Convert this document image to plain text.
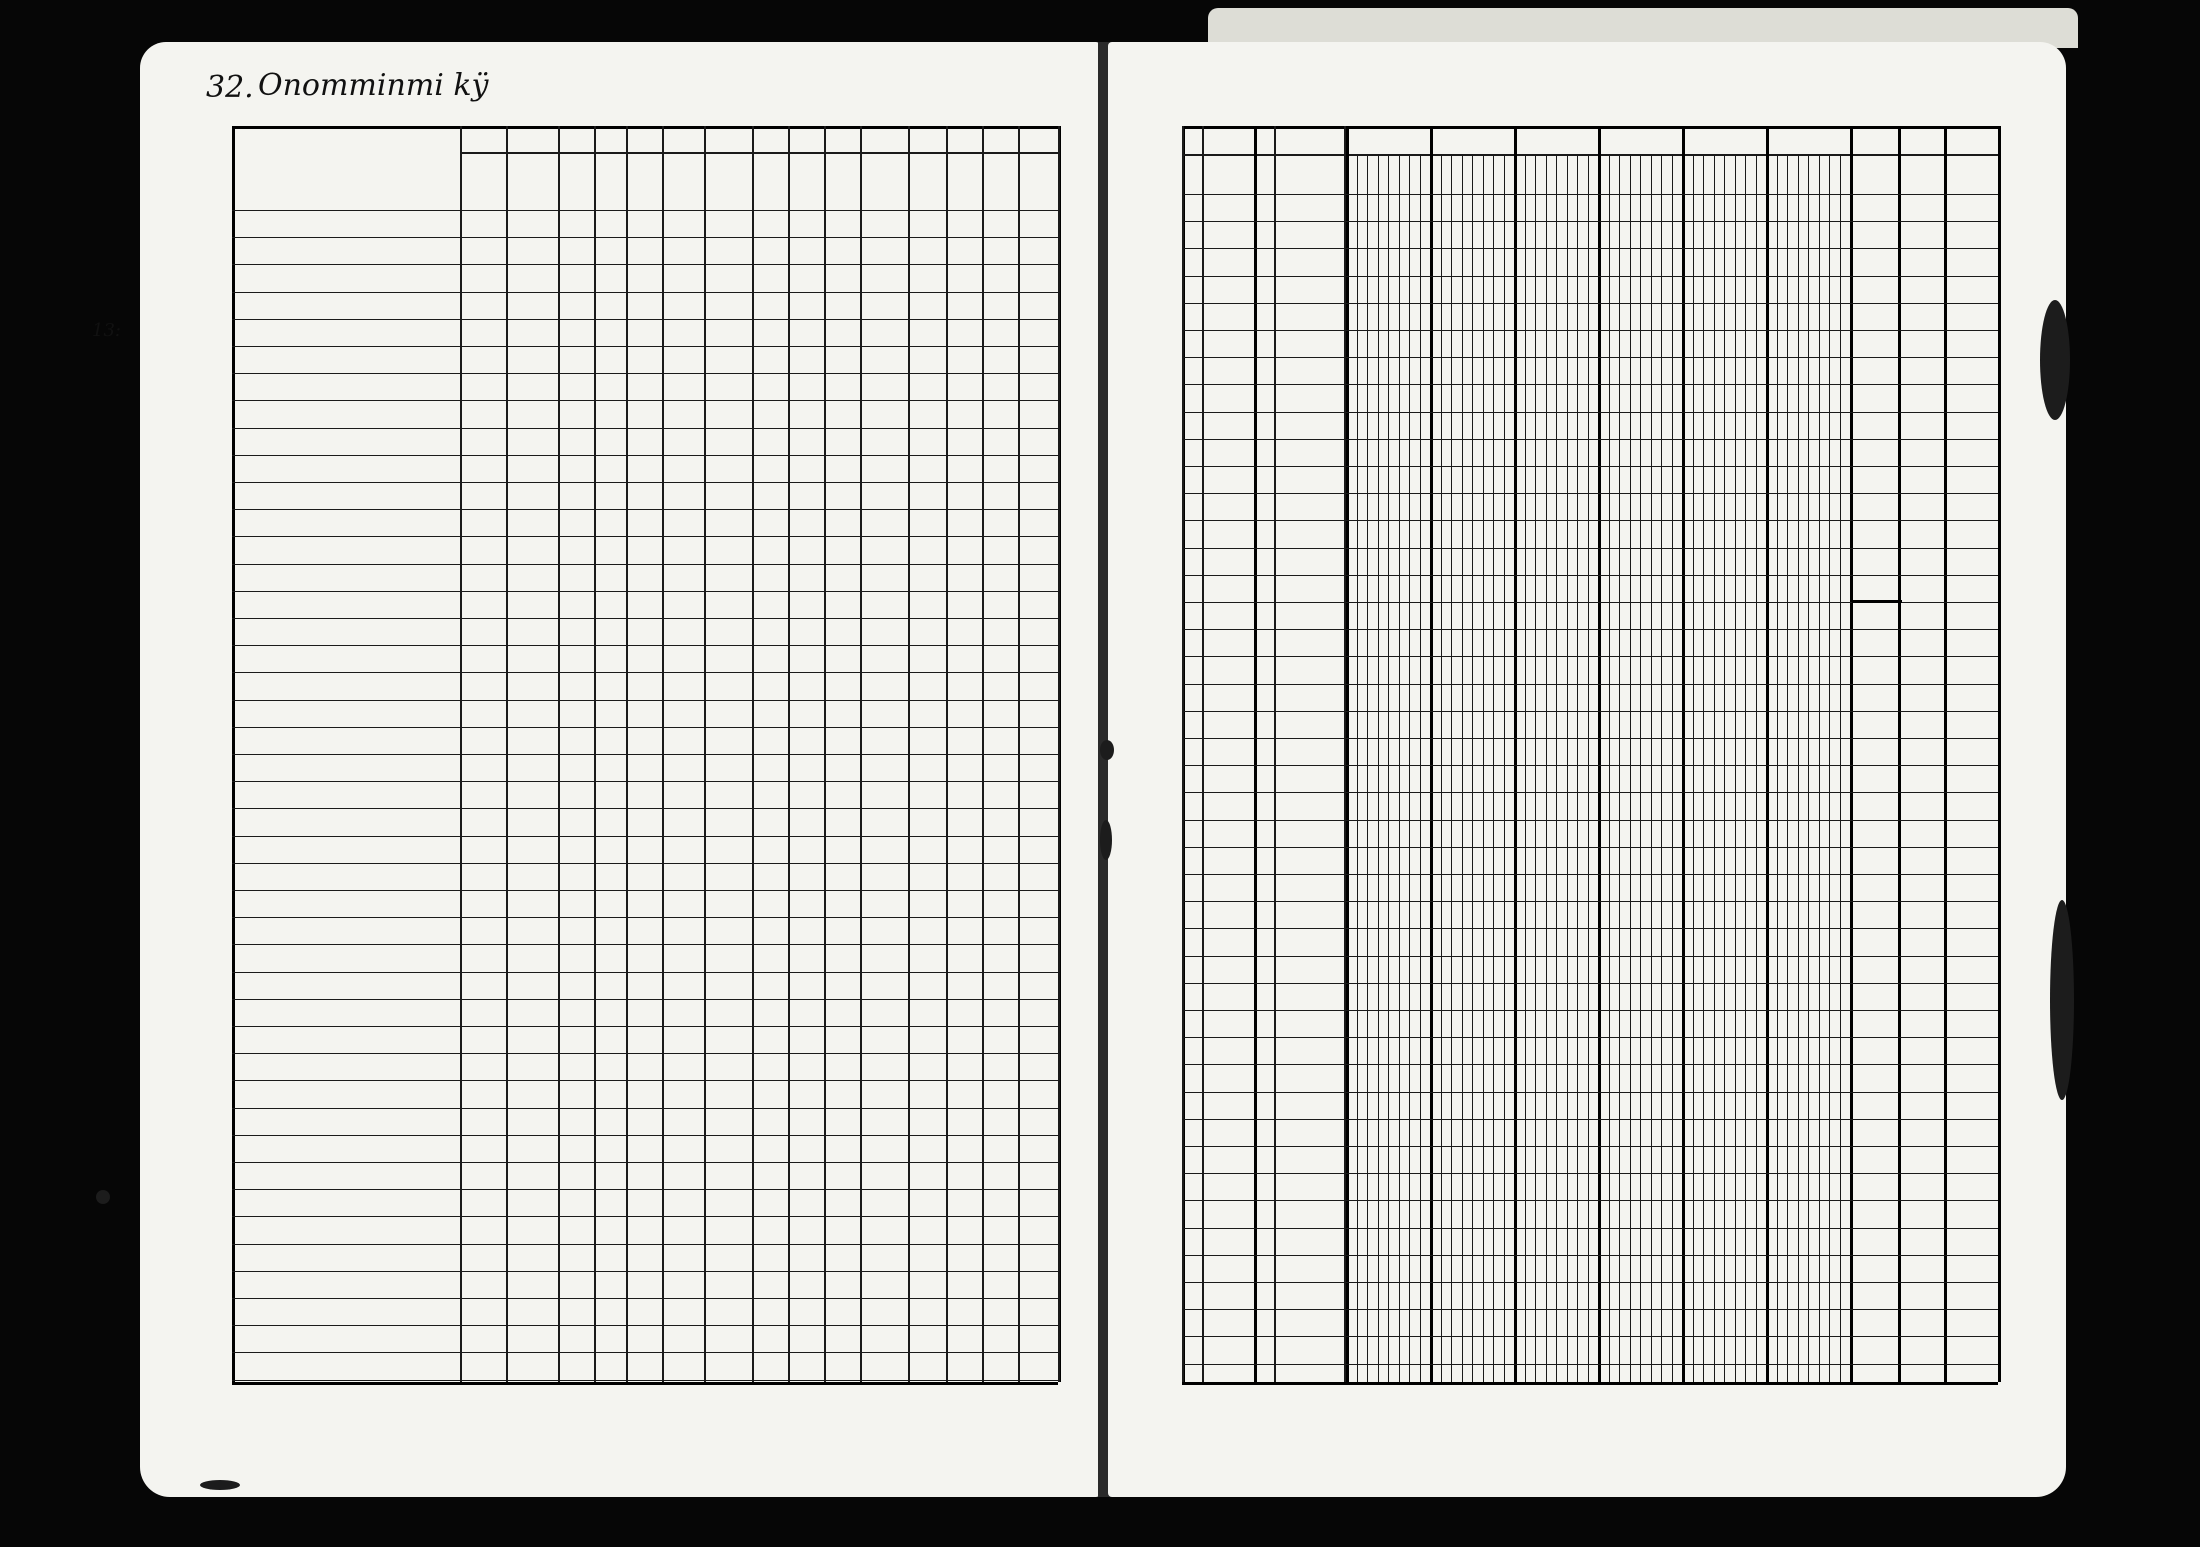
32. Onomminmi kÿ
13:
